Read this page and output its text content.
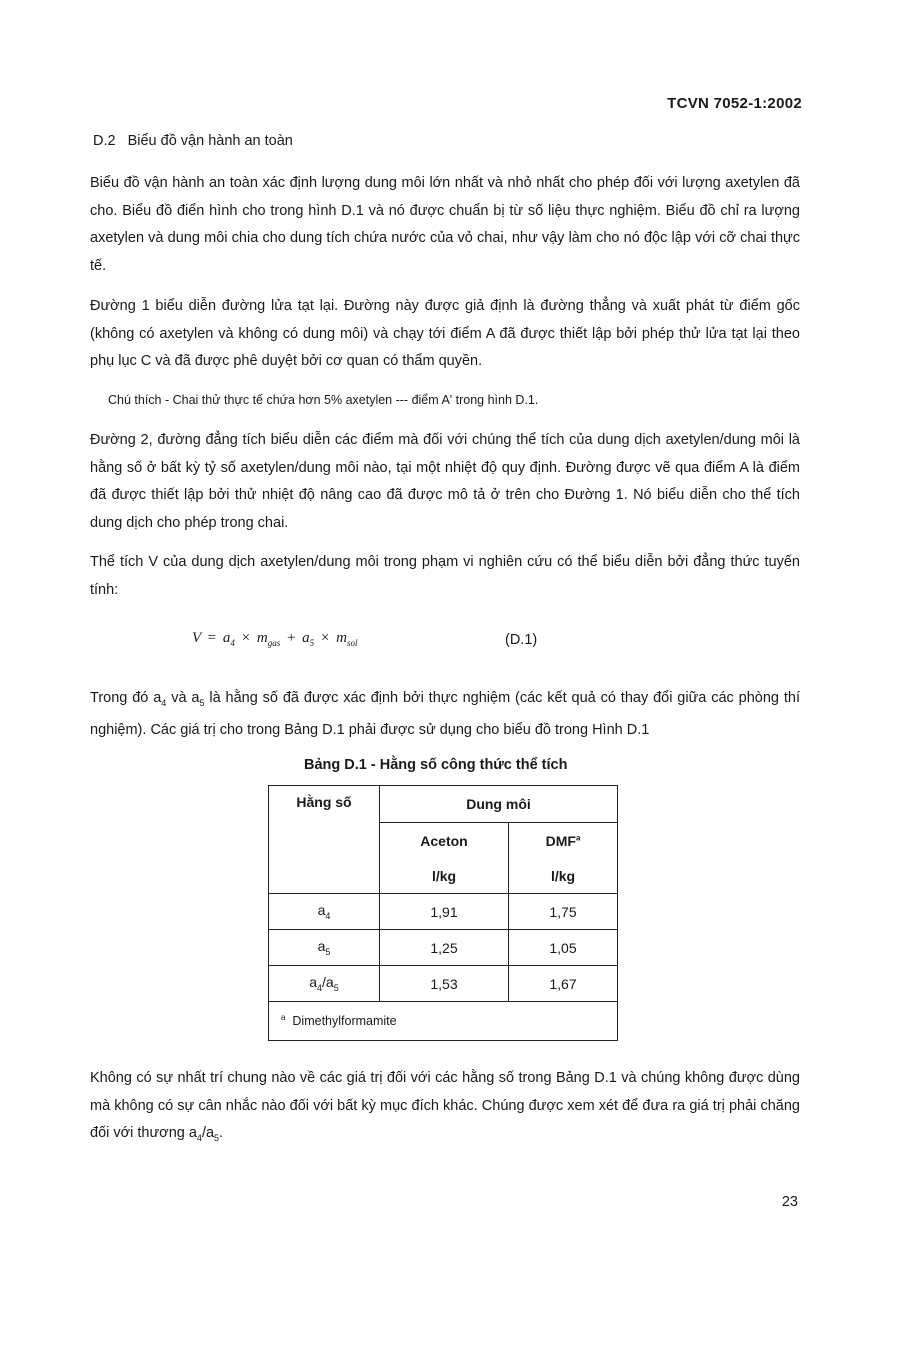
TCVN 7052-1:2002
D.2 Biểu đồ vận hành an toàn
Biểu đồ vận hành an toàn xác định lượng dung môi lớn nhất và nhỏ nhất cho phép đối với lượng axetylen đã cho. Biểu đồ điển hình cho trong hình D.1 và nó được chuẩn bị từ số liệu thực nghiệm. Biểu đồ chỉ ra lượng axetylen và dung môi chia cho dung tích chứa nước của vỏ chai, như vậy làm cho nó độc lập với cỡ chai thực tế.
Đường 1 biểu diễn đường lửa tạt lại. Đường này được giả định là đường thẳng và xuất phát từ điểm gốc (không có axetylen và không có dung môi) và chạy tới điểm A đã được thiết lập bởi phép thử lửa tạt lại theo phụ lục C và đã được phê duyệt bởi cơ quan có thẩm quyền.
Chú thích - Chai thử thực tế chứa hơn 5% axetylen --- điểm A' trong hình D.1.
Đường 2, đường đẳng tích biểu diễn các điểm mà đối với chúng thể tích của dung dịch axetylen/dung môi là hằng số ở bất kỳ tỷ số axetylen/dung môi nào, tại một nhiệt độ quy định. Đường được vẽ qua điểm A là điểm đã được thiết lập bởi thử nhiệt độ nâng cao đã được mô tả ở trên cho Đường 1. Nó biểu diễn cho thể tích dung dịch cho phép trong chai.
Thể tích V của dung dịch axetylen/dung môi trong phạm vi nghiên cứu có thể biểu diễn bởi đẳng thức tuyến tính:
$V = a_4 \times m_{gas} + a_5 \times m_{sol}$	(D.1)
Trong đó $a_4$ và $a_5$ là hằng số đã được xác định bởi thực nghiệm (các kết quả có thay đổi giữa các phòng thí nghiệm). Các giá trị cho trong Bảng D.1 phải được sử dụng cho biểu đồ trong Hình D.1
Bảng D.1 - Hằng số công thức thể tích
Hằng số	Dung môi	
	Aceton	DMF$^a$
	l/kg	l/kg
$a_4$	1,91	1,75
$a_5$	1,25	1,05
$a_4/a_5$	1,53	1,67
$^a$ Dimethylformamite		
Không có sự nhất trí chung nào về các giá trị đối với các hằng số trong Bảng D.1 và chúng không được dùng mà không có sự cân nhắc nào đối với bất kỳ mục đích khác. Chúng được xem xét để đưa ra giá trị phải chăng đối với thương $a_4/a_5$.
23
